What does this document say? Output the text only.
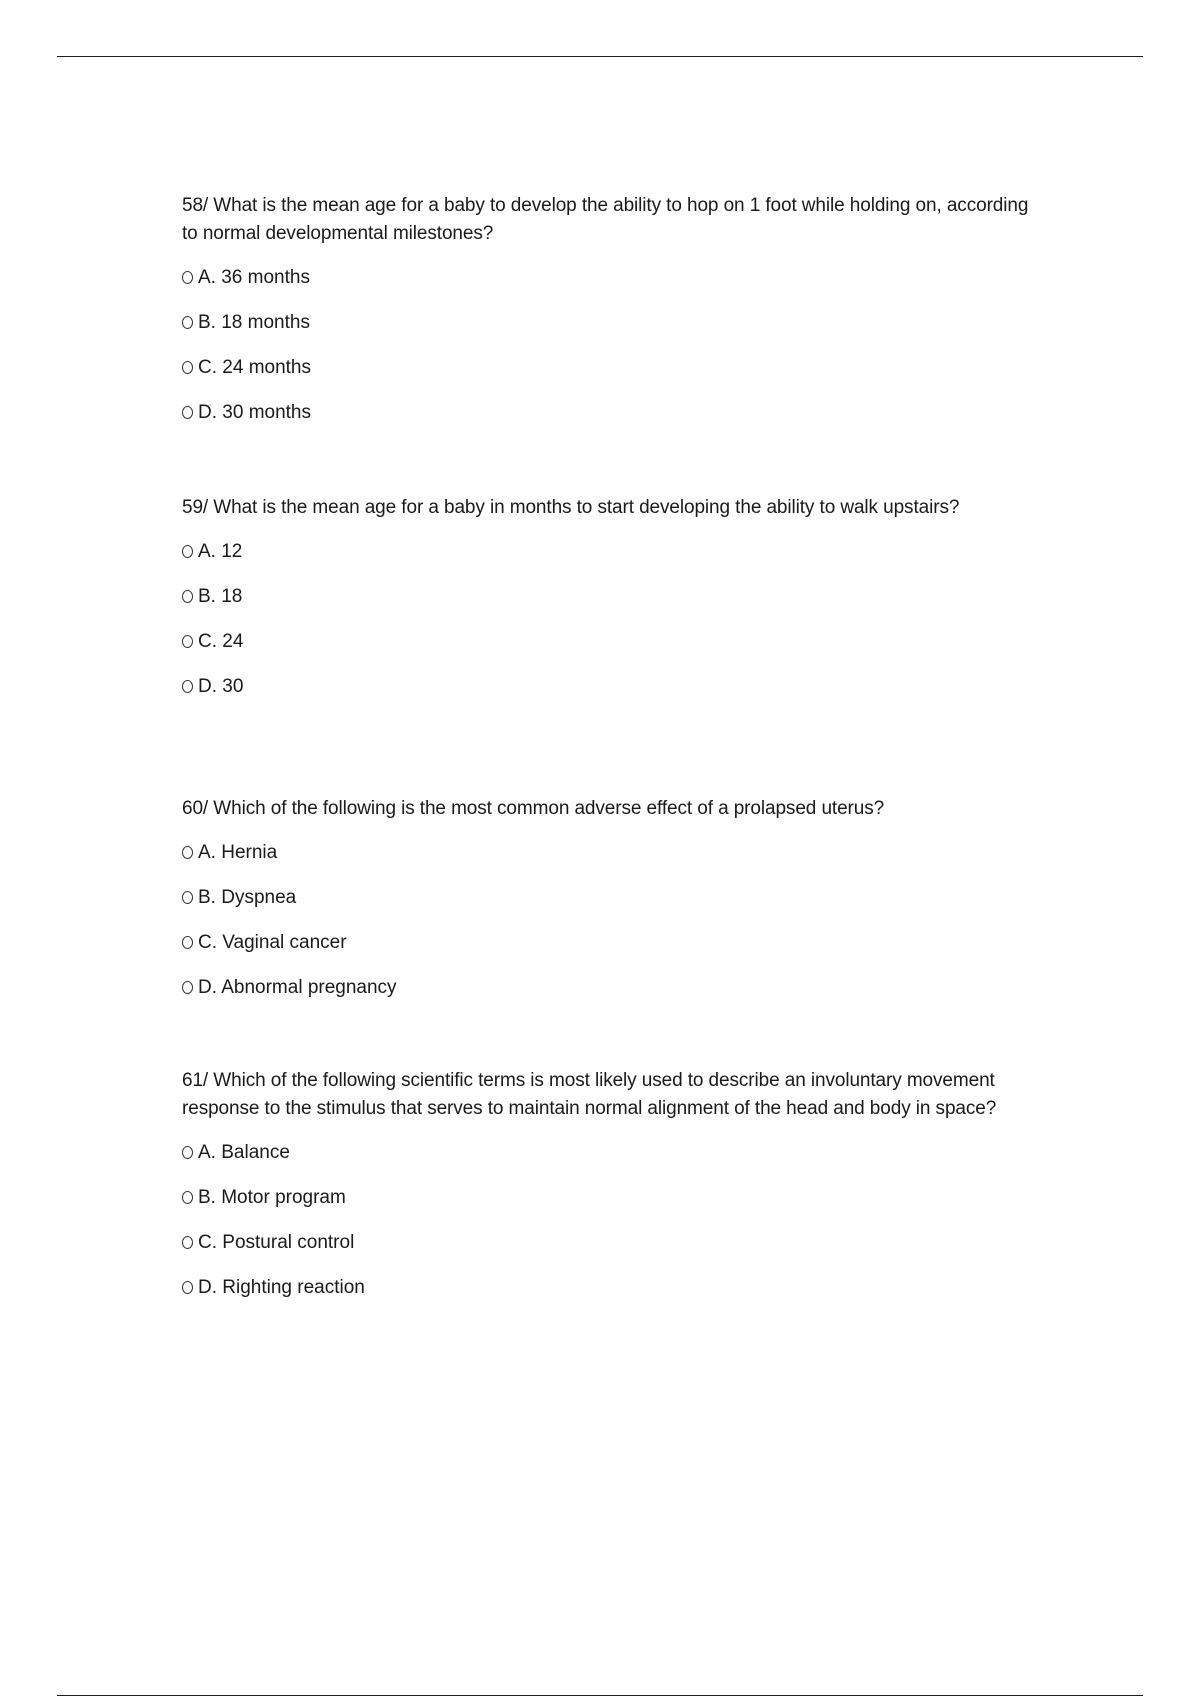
58/ What is the mean age for a baby to develop the ability to hop on 1 foot while holding on, according to normal developmental milestones?

A. 36 months
B. 18 months
C. 24 months
D. 30 months

59/ What is the mean age for a baby in months to start developing the ability to walk upstairs?

A. 12
B. 18
C. 24
D. 30

60/ Which of the following is the most common adverse effect of a prolapsed uterus?

A. Hernia
B. Dyspnea
C. Vaginal cancer
D. Abnormal pregnancy

61/ Which of the following scientific terms is most likely used to describe an involuntary movement response to the stimulus that serves to maintain normal alignment of the head and body in space?

A. Balance
B. Motor program
C. Postural control
D. Righting reaction
